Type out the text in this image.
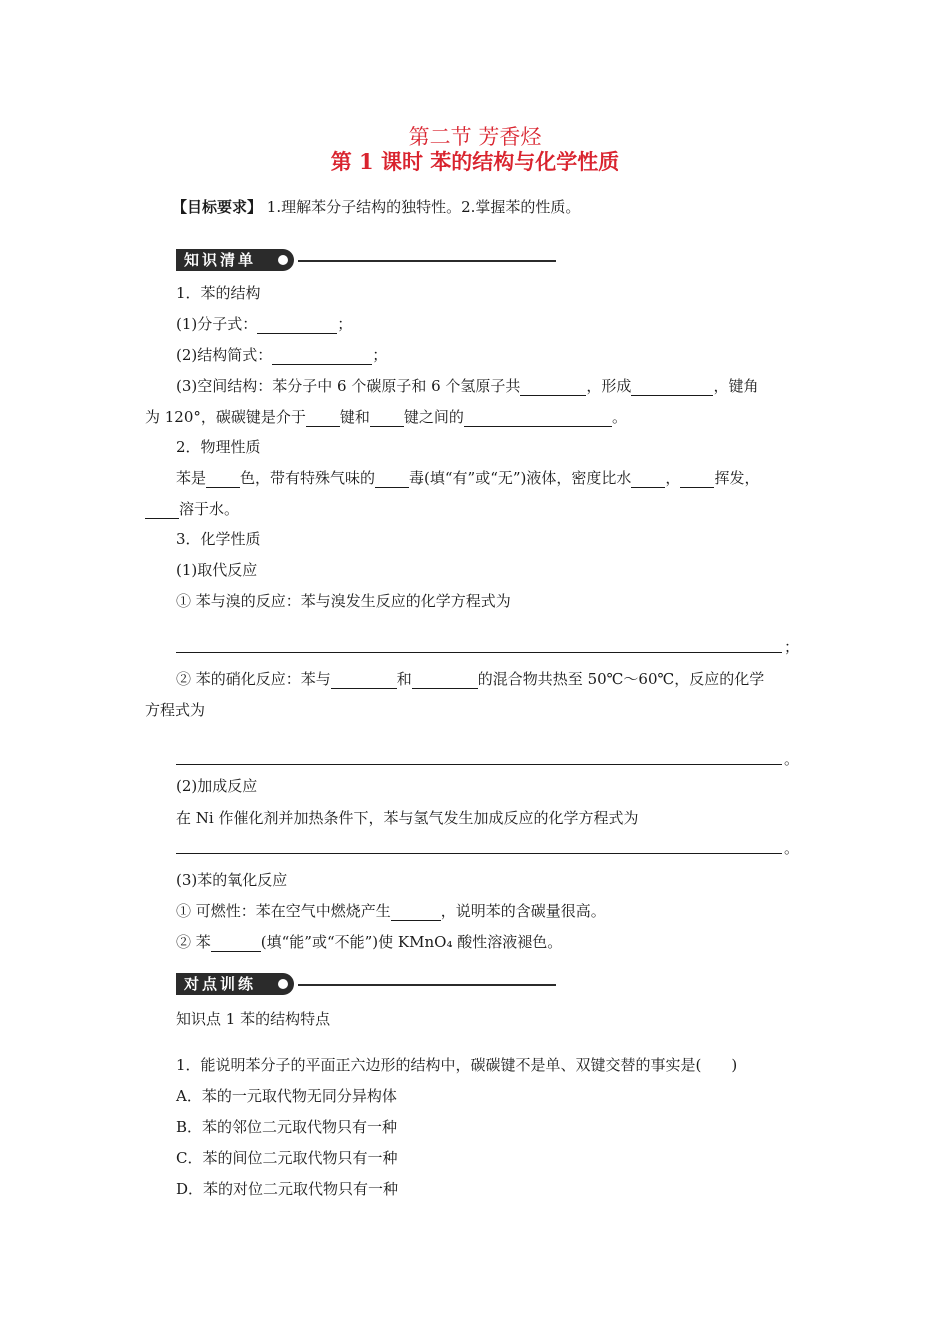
第二节 芳香烃
第 1 课时 苯的结构与化学性质
【目标要求】 1.理解苯分子结构的独特性。2.掌握苯的性质。
知识清单
1．苯的结构
(1)分子式：	；
(2)结构简式：	；
(3)空间结构：苯分子中 6 个碳原子和 6 个氢原子共	，形成	，键角
为 120°，碳碳键是介于 键和 键之间的	。
2．物理性质
苯是 色，带有特殊气味的 毒(填“有”或“无”)液体，密度比水 ， 挥发，
溶于水。
3．化学性质
(1)取代反应
① 苯与溴的反应：苯与溴发生反应的化学方程式为
；
② 苯的硝化反应：苯与	和	的混合物共热至 50℃～60℃，反应的化学
方程式为
。
(2)加成反应
在 Ni 作催化剂并加热条件下，苯与氢气发生加成反应的化学方程式为
。
(3)苯的氧化反应
① 可燃性：苯在空气中燃烧产生	，说明苯的含碳量很高。
② 苯	(填“能”或“不能”)使 KMnO₄ 酸性溶液褪色。
对点训练
知识点 1 苯的结构特点
1．能说明苯分子的平面正六边形的结构中，碳碳键不是单、双键交替的事实是(　　)
A．苯的一元取代物无同分异构体
B．苯的邻位二元取代物只有一种
C．苯的间位二元取代物只有一种
D．苯的对位二元取代物只有一种
